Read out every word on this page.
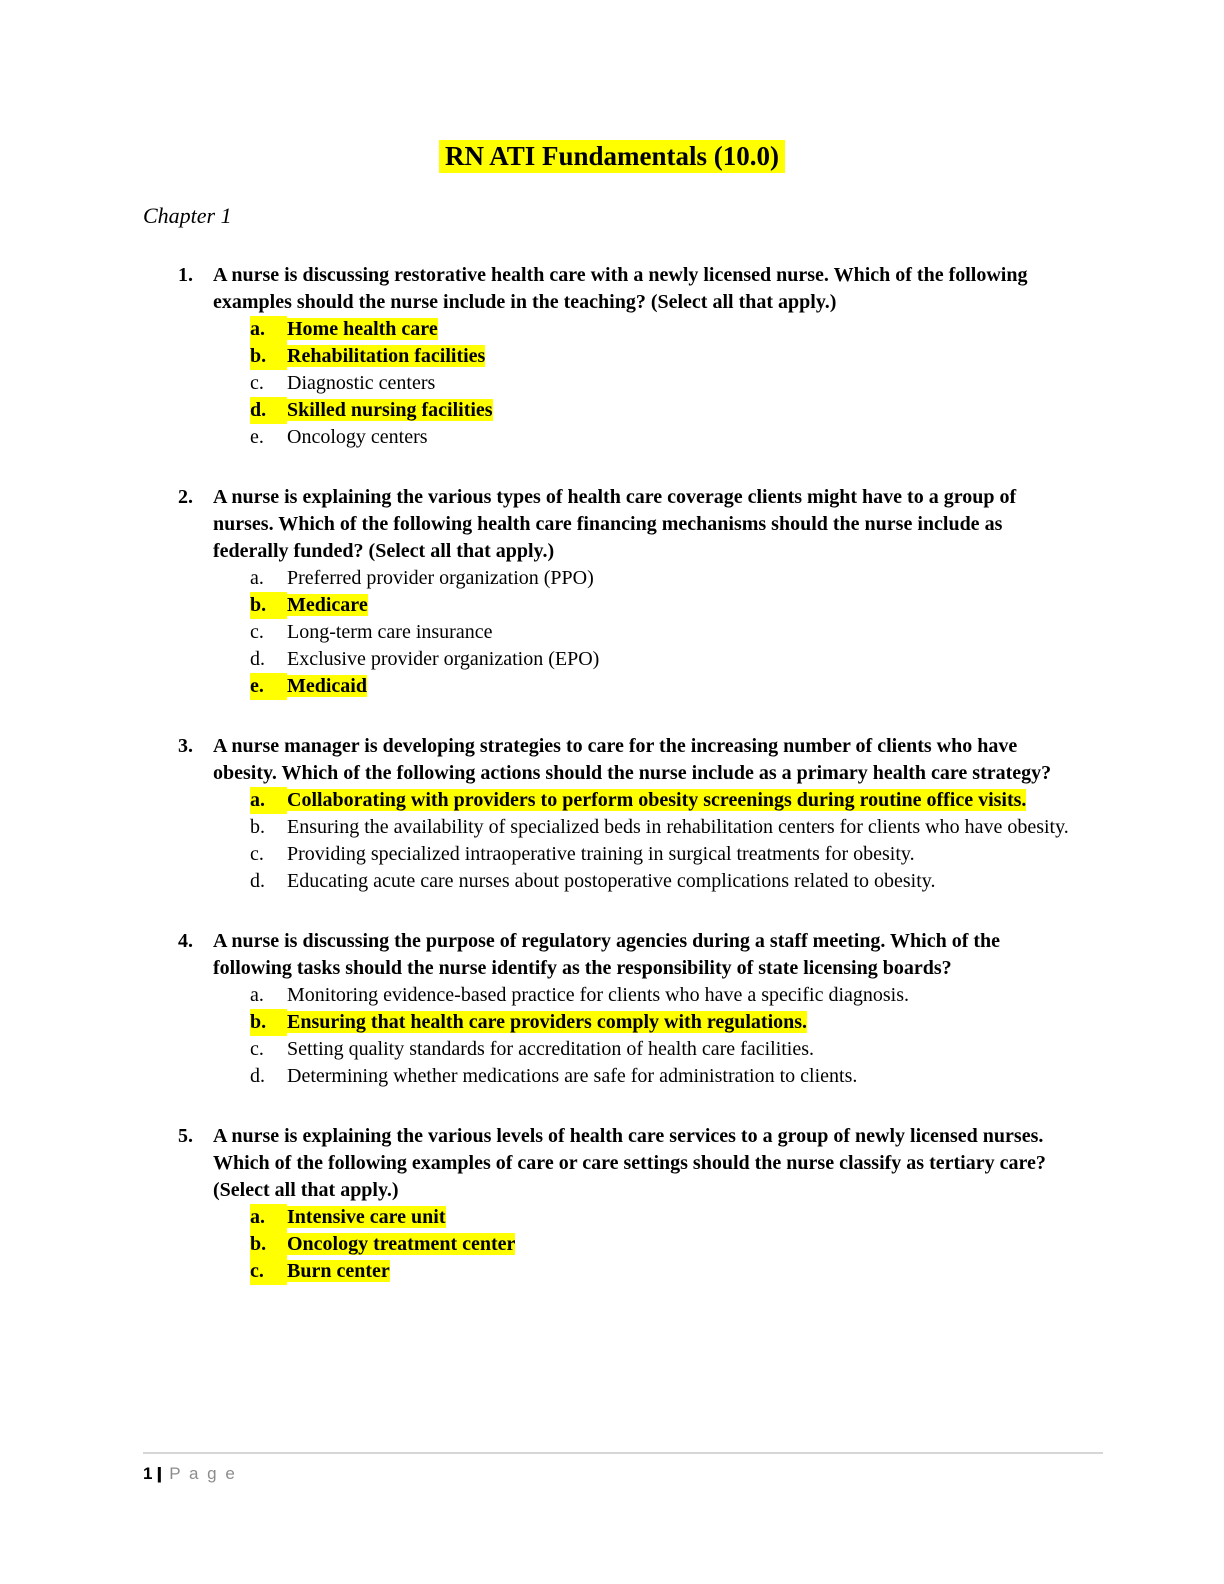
RN ATI Fundamentals (10.0)
Chapter 1
1.	A nurse is discussing restorative health care with a newly licensed nurse. Which of the following examples should the nurse include in the teaching? (Select all that apply.)
a.	Home health care
b.	Rehabilitation facilities
c.	Diagnostic centers
d.	Skilled nursing facilities
e.	Oncology centers
2.	A nurse is explaining the various types of health care coverage clients might have to a group of nurses. Which of the following health care financing mechanisms should the nurse include as federally funded? (Select all that apply.)
a.	Preferred provider organization (PPO)
b.	Medicare
c.	Long-term care insurance
d.	Exclusive provider organization (EPO)
e.	Medicaid
3.	A nurse manager is developing strategies to care for the increasing number of clients who have obesity. Which of the following actions should the nurse include as a primary health care strategy?
a.	Collaborating with providers to perform obesity screenings during routine office visits.
b.	Ensuring the availability of specialized beds in rehabilitation centers for clients who have obesity.
c.	Providing specialized intraoperative training in surgical treatments for obesity.
d.	Educating acute care nurses about postoperative complications related to obesity.
4.	A nurse is discussing the purpose of regulatory agencies during a staff meeting. Which of the following tasks should the nurse identify as the responsibility of state licensing boards?
a.	Monitoring evidence-based practice for clients who have a specific diagnosis.
b.	Ensuring that health care providers comply with regulations.
c.	Setting quality standards for accreditation of health care facilities.
d.	Determining whether medications are safe for administration to clients.
5.	A nurse is explaining the various levels of health care services to a group of newly licensed nurses. Which of the following examples of care or care settings should the nurse classify as tertiary care? (Select all that apply.)
a.	Intensive care unit
b.	Oncology treatment center
c.	Burn center
1 | P a g e
